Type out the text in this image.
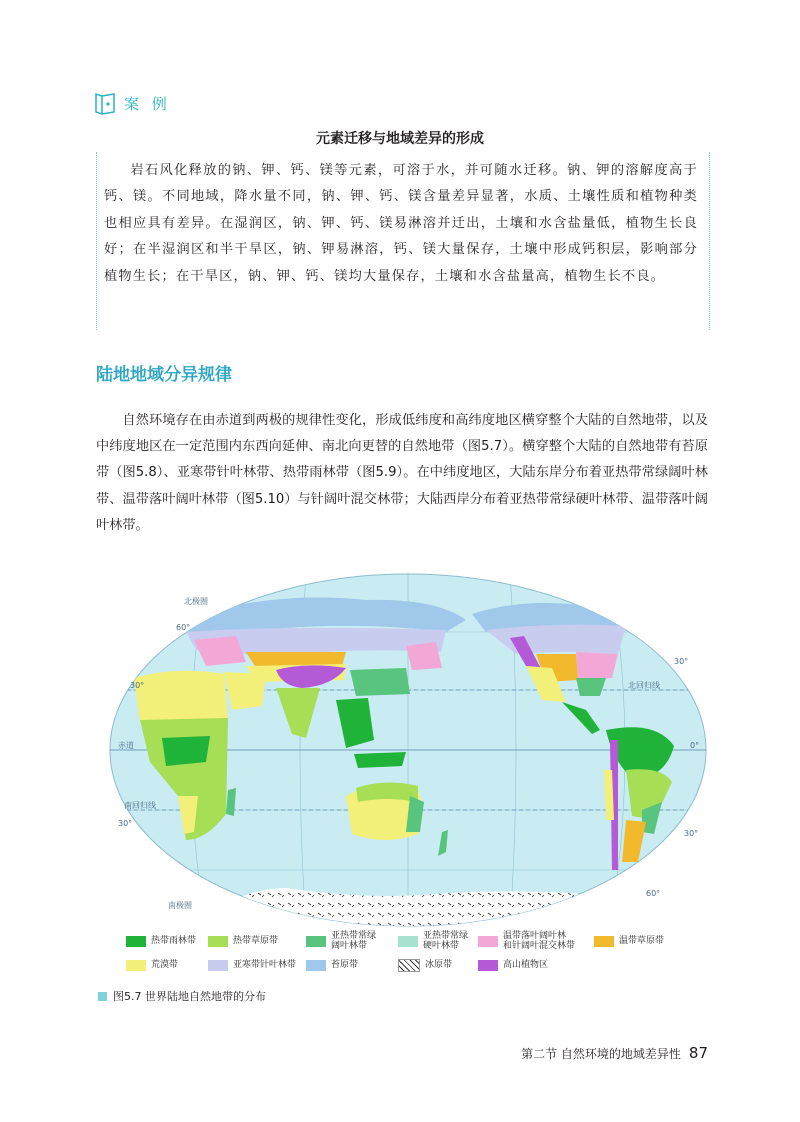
案 例
元素迁移与地域差异的形成

岩石风化释放的钠、钾、钙、镁等元素，可溶于水，并可随水迁移。钠、钾的溶解度高于钙、镁。不同地域，降水量不同，钠、钾、钙、镁含量差异显著，水质、土壤性质和植物种类也相应具有差异。在湿润区，钠、钾、钙、镁易淋溶并迁出，土壤和水含盐量低，植物生长良好；在半湿润区和半干旱区，钠、钾易淋溶，钙、镁大量保存，土壤中形成钙积层，影响部分植物生长；在干旱区，钠、钾、钙、镁均大量保存，土壤和水含盐量高，植物生长不良。

陆地地域分异规律

自然环境存在由赤道到两极的规律性变化，形成低纬度和高纬度地区横穿整个大陆的自然地带，以及中纬度地区在一定范围内东西向延伸、南北向更替的自然地带（图5.7）。横穿整个大陆的自然地带有苔原带（图5.8）、亚寒带针叶林带、热带雨林带（图5.9）。在中纬度地区，大陆东岸分布着亚热带常绿阔叶林带、温带落叶阔叶林带（图5.10）与针阔叶混交林带；大陆西岸分布着亚热带常绿硬叶林带、温带落叶阔叶林带。

北极圈
北回归线
赤道
南回归线
南极圈
60°
30°
30°
0°
30°
30°
60°
热带雨林带	热带草原带	亚热带常绿
阔叶林带
亚热带常绿
硬叶林带
温带落叶阔叶林
和针阔叶混交林带	温带草原带
荒漠带	亚寒带针叶林带	苔原带	冰原带	高山植物区
图5.7 世界陆地自然地带的分布
第二节 自然环境的地域差异性 87
